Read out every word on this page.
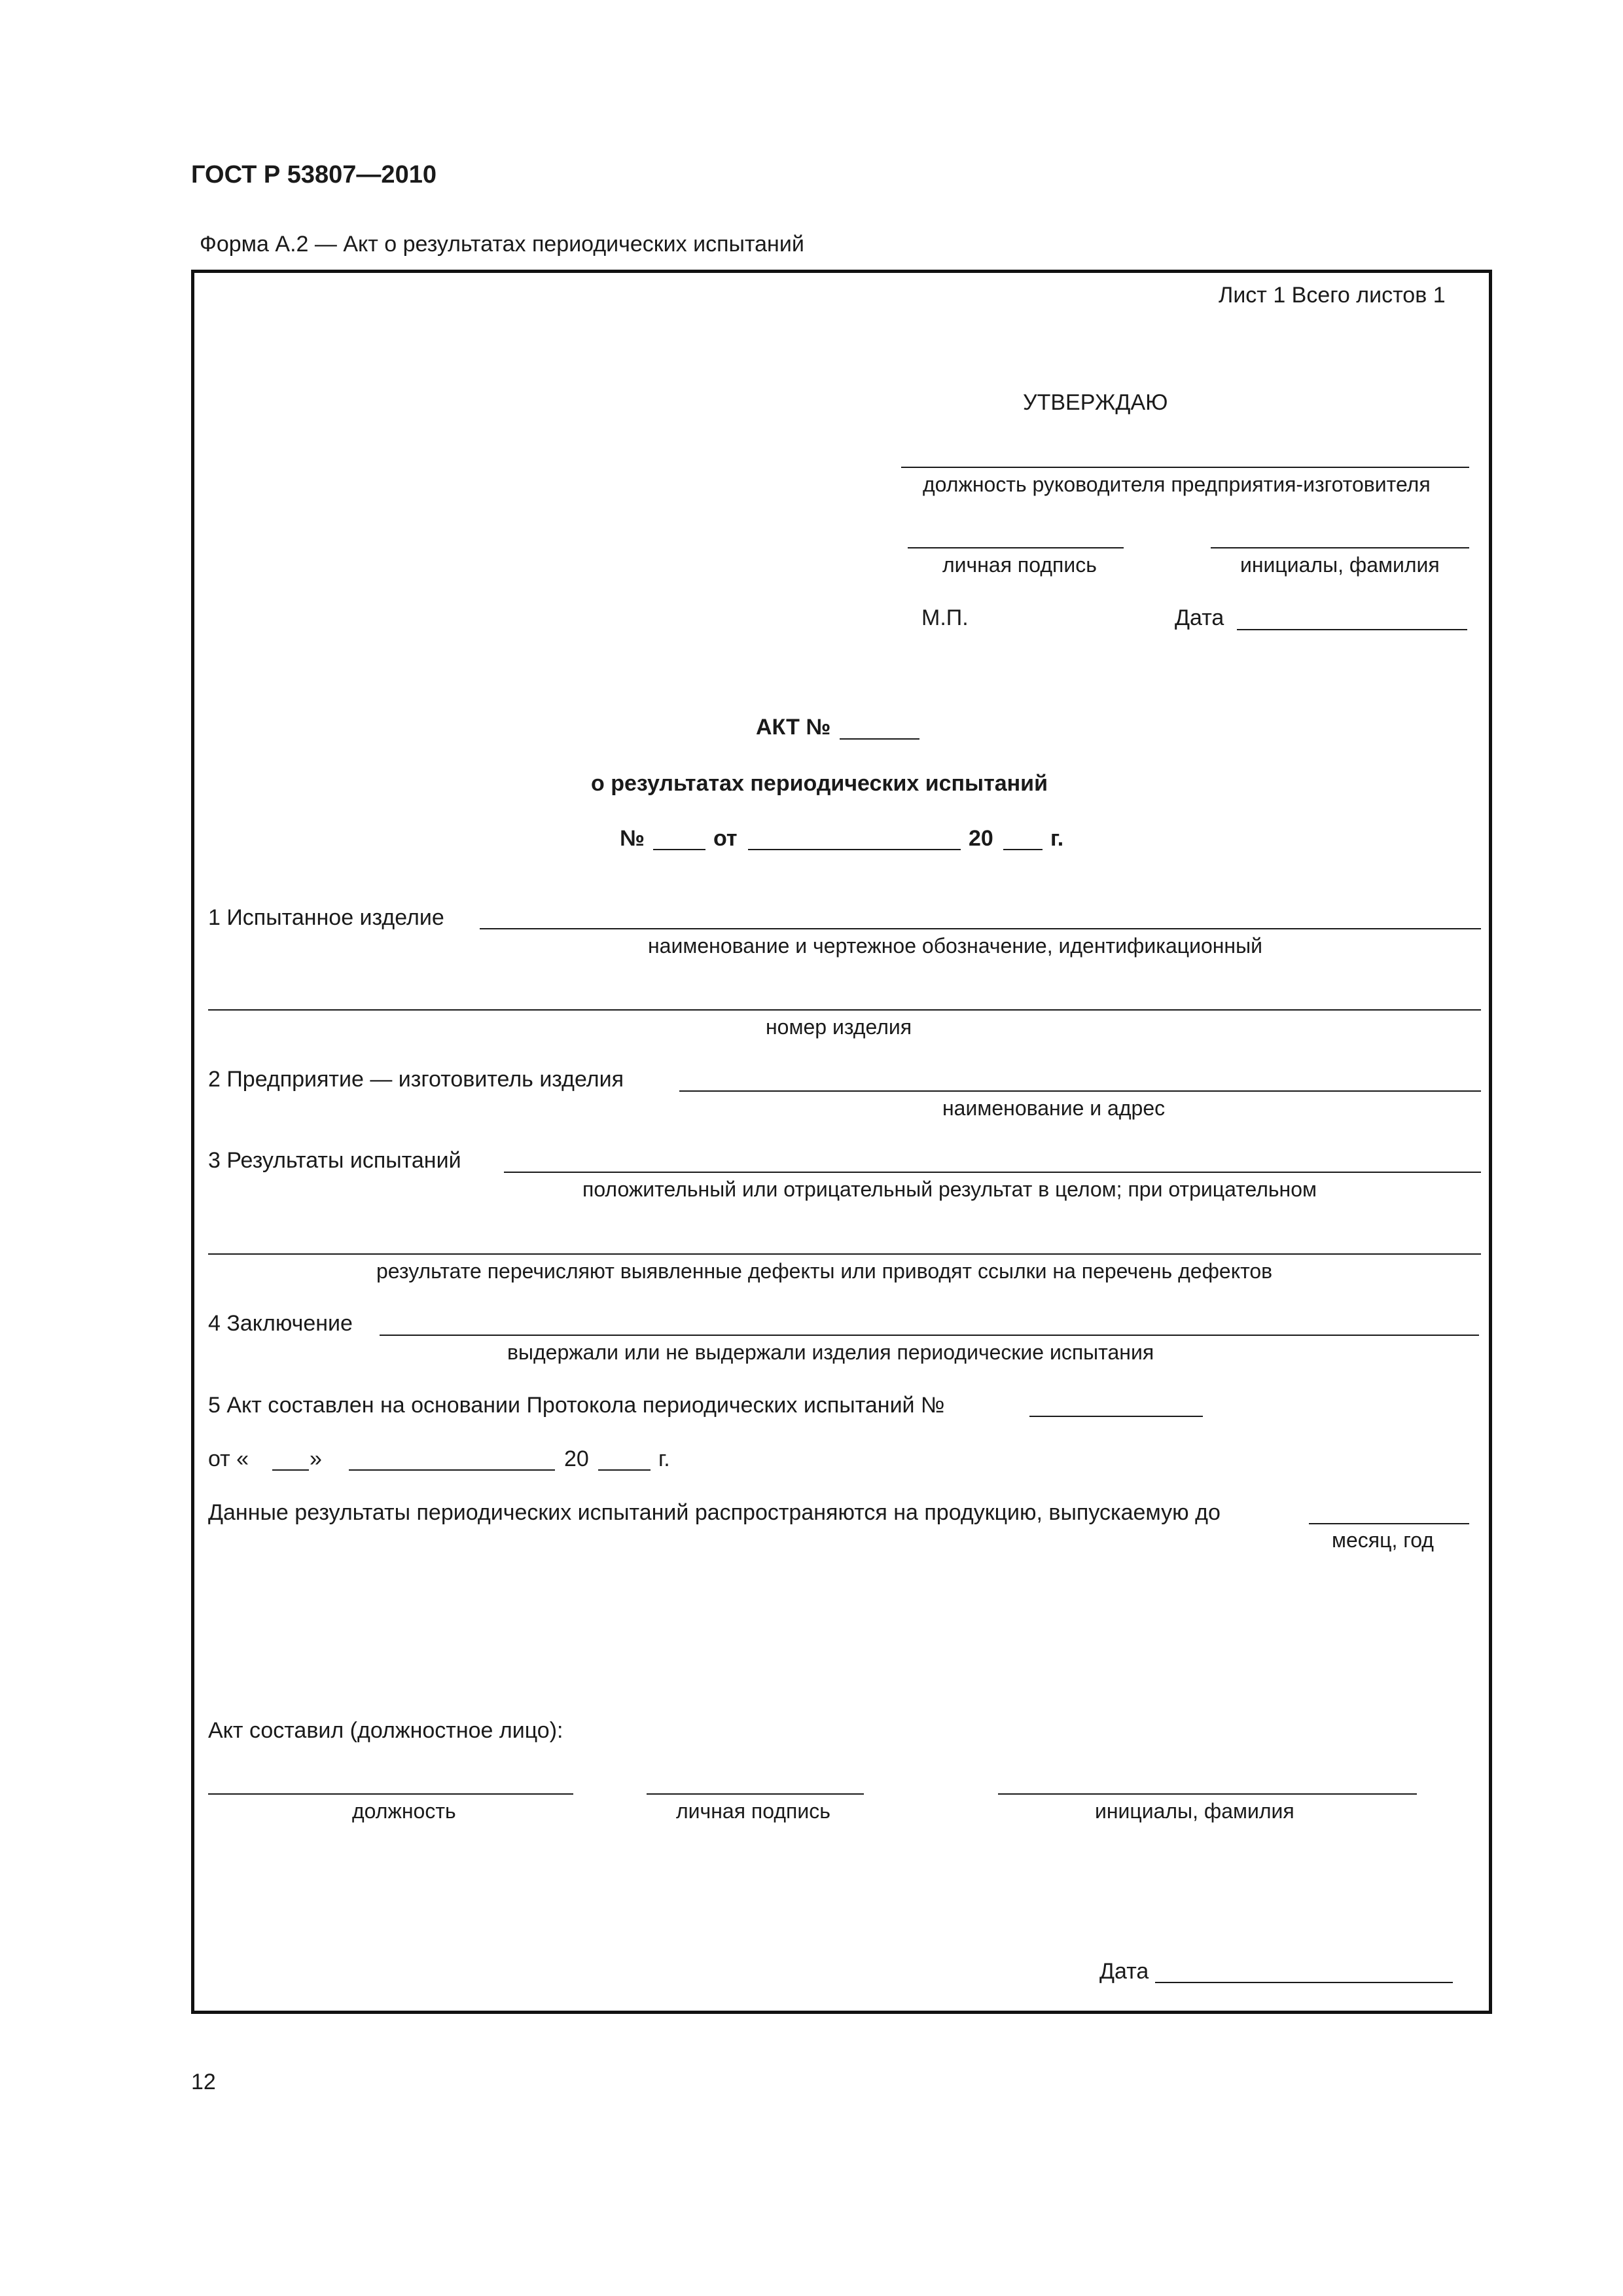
ГОСТ Р 53807—2010
Форма А.2 — Акт о результатах периодических испытаний
Лист 1 Всего листов 1
УТВЕРЖДАЮ
должность руководителя предприятия-изготовителя
личная подпись	инициалы, фамилия
М.П.	Дата
АКТ №
о результатах периодических испытаний
№	от	20	г.
1 Испытанное изделие
наименование и чертежное обозначение, идентификационный
номер изделия
2 Предприятие — изготовитель изделия
наименование и адрес
3 Результаты испытаний
положительный или отрицательный результат в целом; при отрицательном
результате перечисляют выявленные дефекты или приводят ссылки на перечень дефектов
4 Заключение
выдержали или не выдержали изделия периодические испытания
5 Акт составлен на основании Протокола периодических испытаний №
от «	»	20	г.
Данные результаты периодических испытаний распространяются на продукцию, выпускаемую до
месяц, год
Акт составил (должностное лицо):
должность	личная подпись	инициалы, фамилия
Дата
12
